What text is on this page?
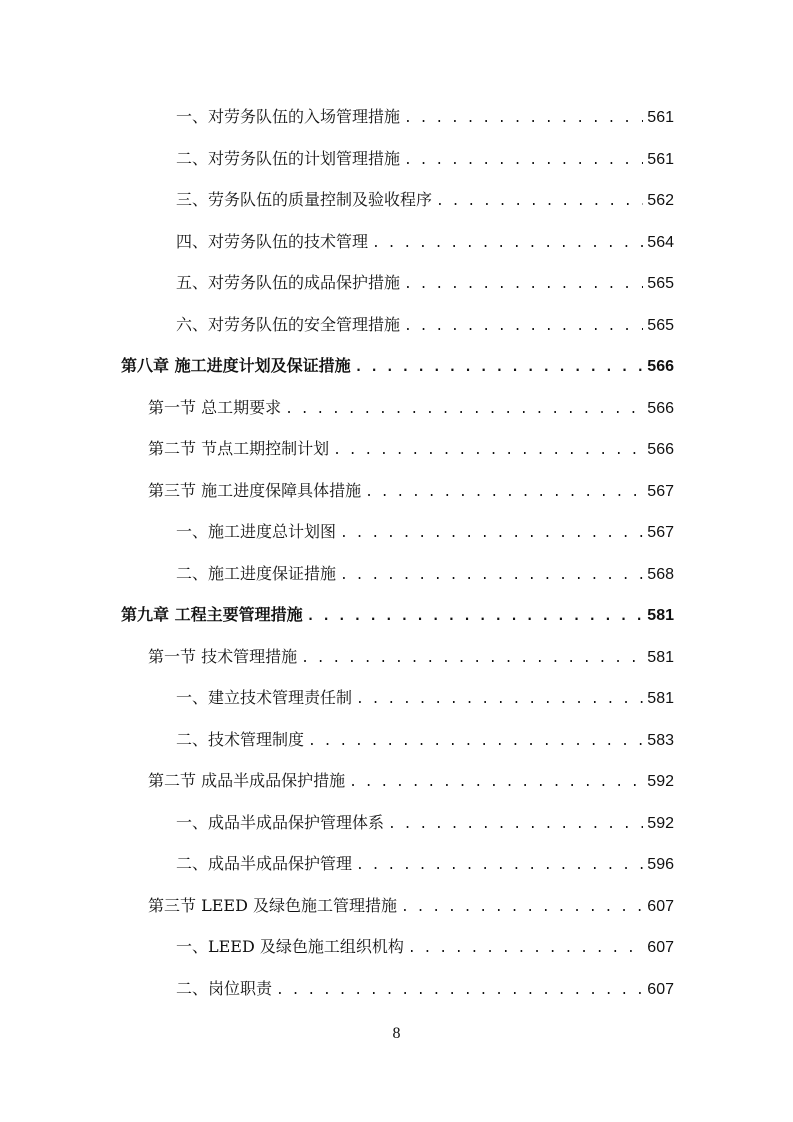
一、对劳务队伍的入场管理措施 . . .	561
二、对劳务队伍的计划管理措施 . . .	561
三、劳务队伍的质量控制及验收程序 . . .	562
四、对劳务队伍的技术管理 . . .	564
五、对劳务队伍的成品保护措施 . . .	565
六、对劳务队伍的安全管理措施 . . .	565
第八章 施工进度计划及保证措施 . . .	566
第一节 总工期要求 . . .	566
第二节 节点工期控制计划 . . .	566
第三节 施工进度保障具体措施 . . .	567
一、施工进度总计划图 . . .	567
二、施工进度保证措施 . . .	568
第九章 工程主要管理措施 . . .	581
第一节 技术管理措施 . . .	581
一、建立技术管理责任制 . . .	581
二、技术管理制度 . . .	583
第二节 成品半成品保护措施 . . .	592
一、成品半成品保护管理体系 . . .	592
二、成品半成品保护管理 . . .	596
第三节 LEED 及绿色施工管理措施 . . .	607
一、LEED 及绿色施工组织机构 . . .	607
二、岗位职责 . . .	607
8
